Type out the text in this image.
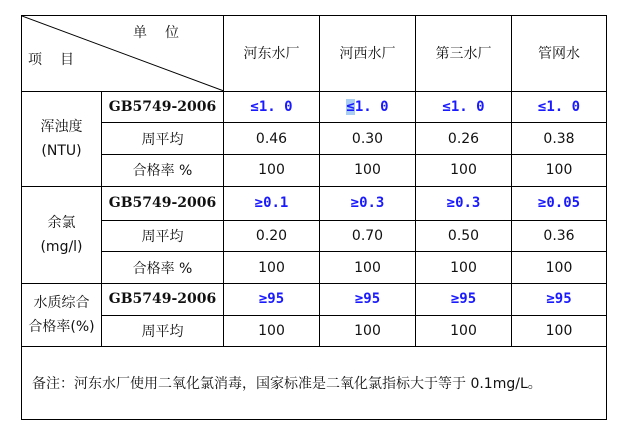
单　位
项　目		河东水厂	河西水厂	第三水厂	管网水
浑浊度
(NTU)	GB5749-2006	≤1. 0	≤1. 0	≤1. 0	≤1. 0
	周平均	0.46	0.30	0.26	0.38
	合格率 %	100	100	100	100
余氯
(mg/l)	GB5749-2006	≥0.1	≥0.3	≥0.3	≥0.05
	周平均	0.20	0.70	0.50	0.36
	合格率 %	100	100	100	100
水质综合
合格率(%)	GB5749-2006	≥95	≥95	≥95	≥95
	周平均	100	100	100	100
备注：河东水厂使用二氧化氯消毒，国家标准是二氧化氯指标大于等于 0.1mg/L。					
